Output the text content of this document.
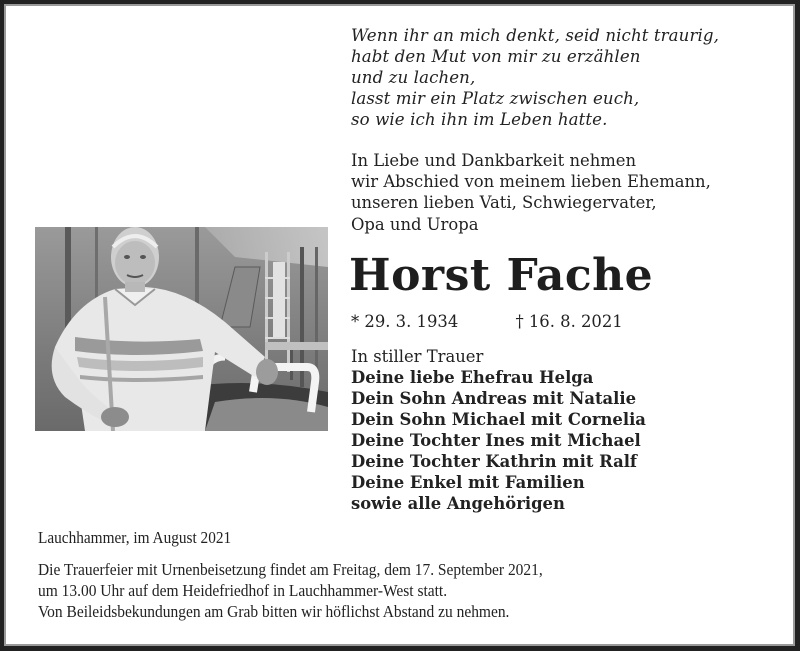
Wenn ihr an mich denkt, seid nicht traurig,
habt den Mut von mir zu erzählen
und zu lachen,
lasst mir ein Platz zwischen euch,
so wie ich ihn im Leben hatte.
In Liebe und Dankbarkeit nehmen
wir Abschied von meinem lieben Ehemann,
unseren lieben Vati, Schwiegervater,
Opa und Uropa
Horst Fache
* 29. 3. 1934	† 16. 8. 2021
In stiller Trauer
Deine liebe Ehefrau Helga
Dein Sohn Andreas mit Natalie
Dein Sohn Michael mit Cornelia
Deine Tochter Ines mit Michael
Deine Tochter Kathrin mit Ralf
Deine Enkel mit Familien
sowie alle Angehörigen
Lauchhammer, im August 2021
Die Trauerfeier mit Urnenbeisetzung findet am Freitag, dem 17. September 2021,
um 13.00 Uhr auf dem Heidefriedhof in Lauchhammer-West statt.
Von Beileidsbekundungen am Grab bitten wir höflichst Abstand zu nehmen.
